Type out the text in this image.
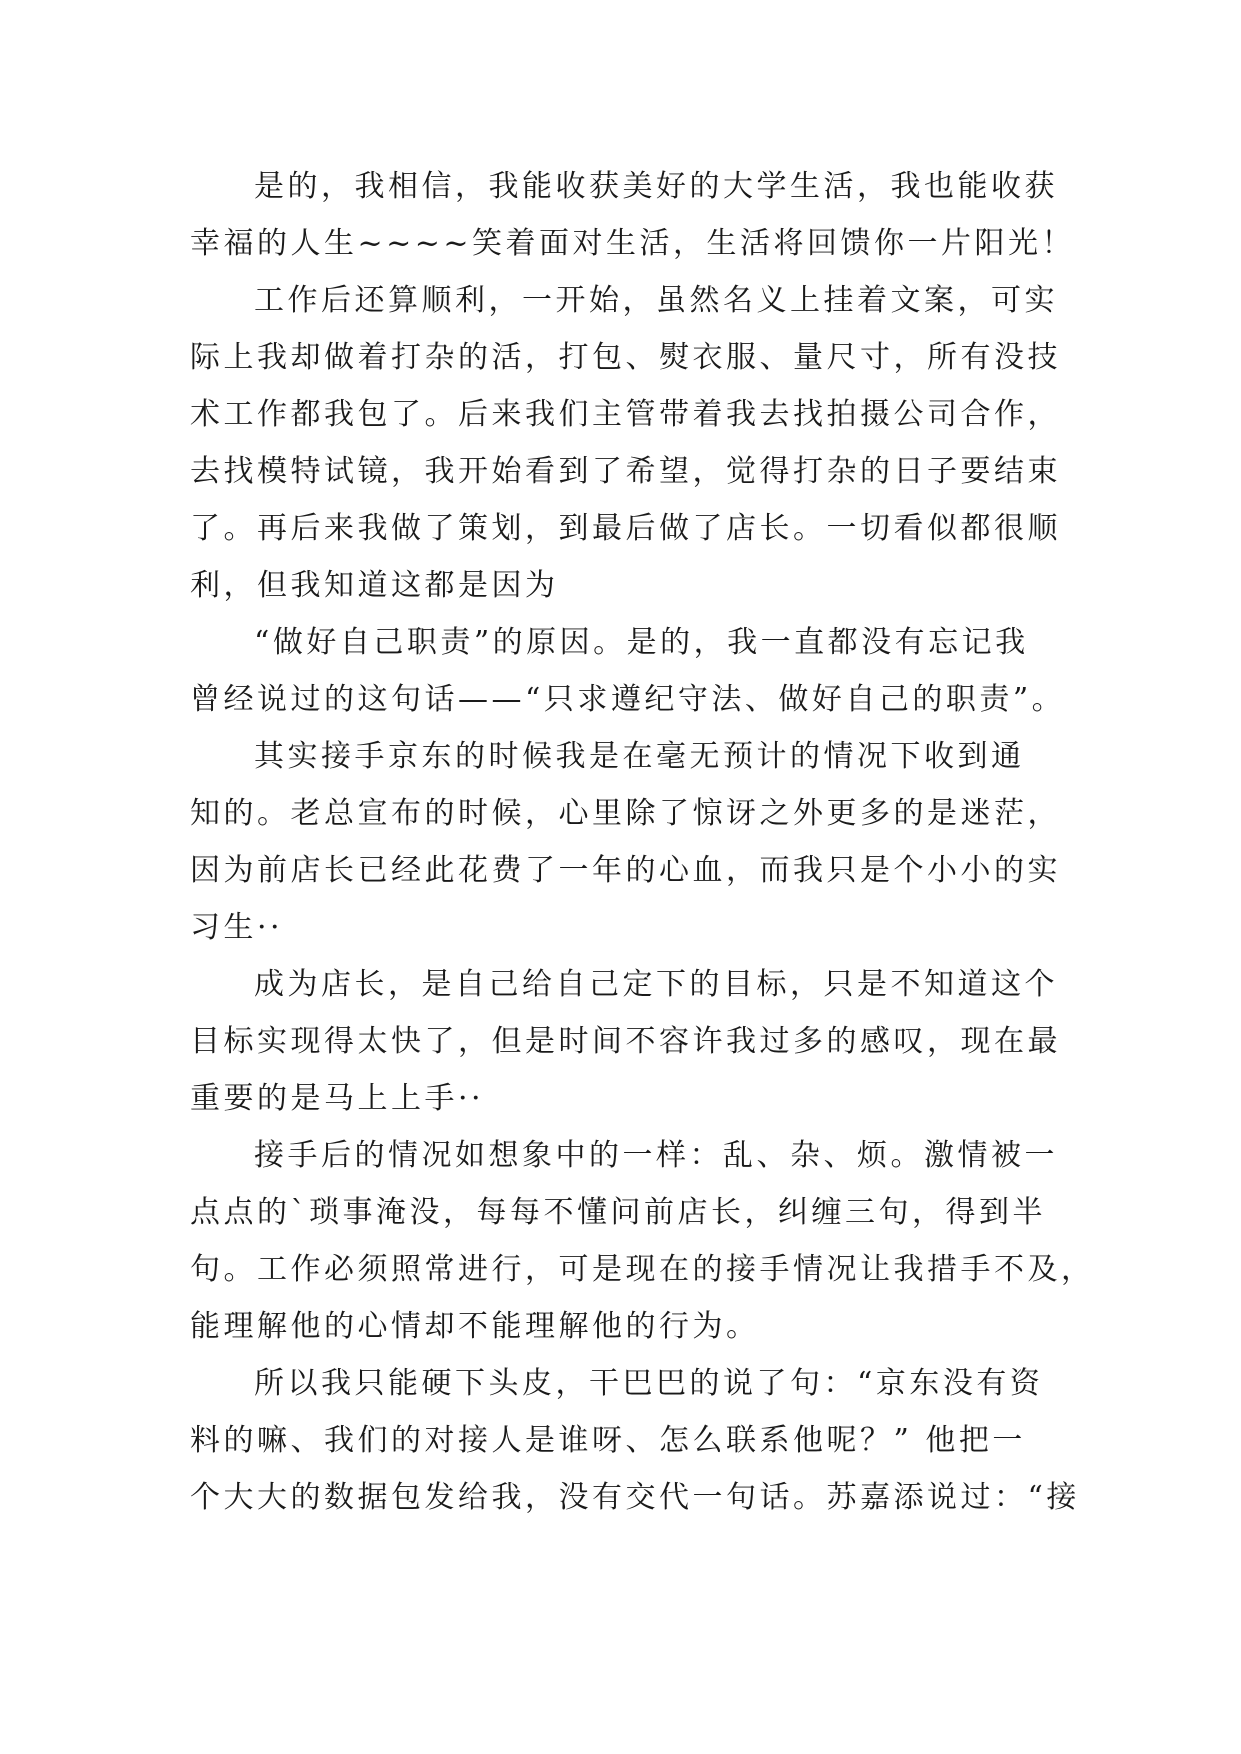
是的，我相信，我能收获美好的大学生活，我也能收获
幸福的人生~~~~笑着面对生活，生活将回馈你一片阳光！
工作后还算顺利，一开始，虽然名义上挂着文案，可实
际上我却做着打杂的活，打包、熨衣服、量尺寸，所有没技
术工作都我包了。后来我们主管带着我去找拍摄公司合作，
去找模特试镜，我开始看到了希望，觉得打杂的日子要结束
了。再后来我做了策划，到最后做了店长。一切看似都很顺
利，但我知道这都是因为
“做好自己职责”的原因。是的，我一直都没有忘记我
曾经说过的这句话——“只求遵纪守法、做好自己的职责”。
其实接手京东的时候我是在毫无预计的情况下收到通
知的。老总宣布的时候，心里除了惊讶之外更多的是迷茫，
因为前店长已经此花费了一年的心血，而我只是个小小的实
习生··
成为店长，是自己给自己定下的目标，只是不知道这个
目标实现得太快了，但是时间不容许我过多的感叹，现在最
重要的是马上上手··
接手后的情况如想象中的一样：乱、杂、烦。激情被一
点点的`琐事淹没，每每不懂问前店长，纠缠三句，得到半
句。工作必须照常进行，可是现在的接手情况让我措手不及，
能理解他的心情却不能理解他的行为。
所以我只能硬下头皮，干巴巴的说了句：“京东没有资
料的嘛、我们的对接人是谁呀、怎么联系他呢？” 他把一
个大大的数据包发给我，没有交代一句话。苏嘉添说过：“接
